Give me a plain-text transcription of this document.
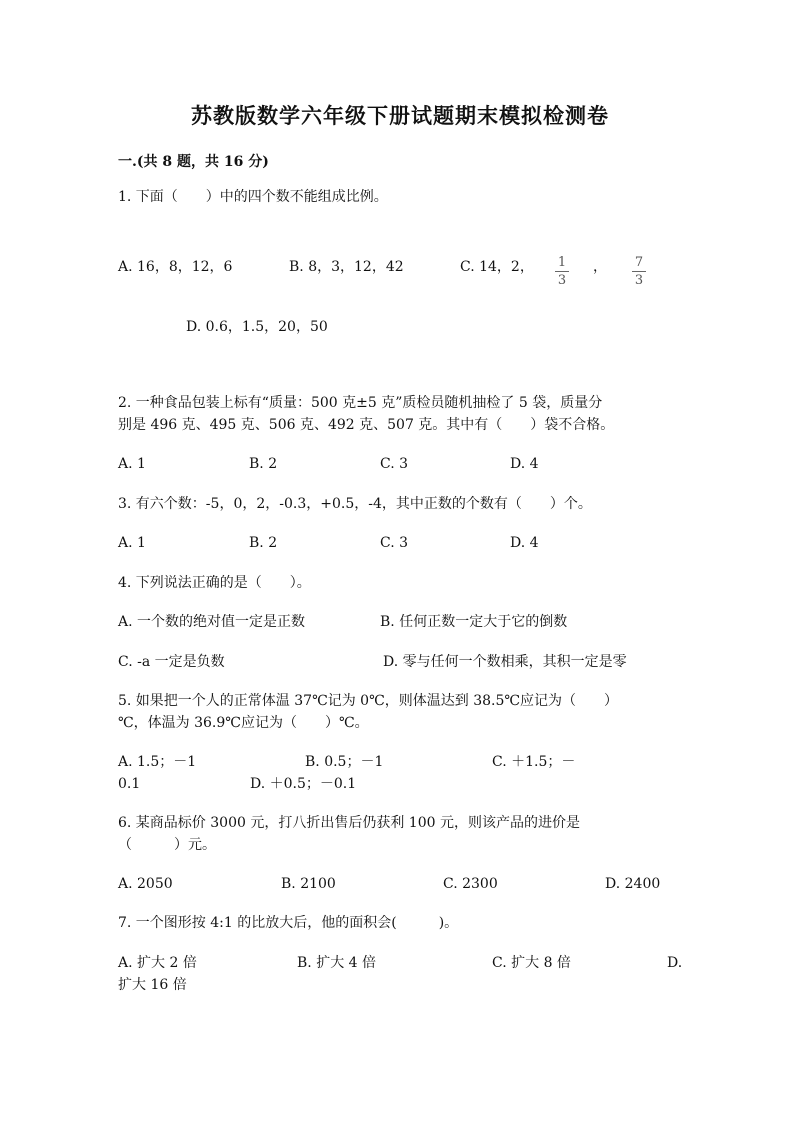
苏教版数学六年级下册试题期末模拟检测卷
一.(共 8 题，共 16 分)
1. 下面（　　）中的四个数不能组成比例。
A. 16，8，12，6	B. 8，3，12，42	C. 14，2， 1
3
， 7
3
D. 0.6，1.5，20，50
2. 一种食品包装上标有“质量：500 克±5 克”质检员随机抽检了 5 袋，质量分
别是 496 克、495 克、506 克、492 克、507 克。其中有（　　）袋不合格。
A. 1	B. 2	C. 3	D. 4
3. 有六个数：-5，0，2，-0.3，+0.5，-4，其中正数的个数有（　　）个。
A. 1	B. 2	C. 3	D. 4
4. 下列说法正确的是（　　）。
A. 一个数的绝对值一定是正数	B. 任何正数一定大于它的倒数
C. -a 一定是负数	D. 零与任何一个数相乘，其积一定是零
5. 如果把一个人的正常体温 37℃记为 0℃，则体温达到 38.5℃应记为（　　）
℃，体温为 36.9℃应记为（　　）℃。
A. 1.5；－1	B. 0.5；－1	C. ＋1.5；－
0.1	D. ＋0.5；－0.1
6. 某商品标价 3000 元，打八折出售后仍获利 100 元，则该产品的进价是
（　　　）元。
A. 2050	B. 2100	C. 2300	D. 2400
7. 一个图形按 4:1 的比放大后，他的面积会(　　　)。
A. 扩大 2 倍	B. 扩大 4 倍	C. 扩大 8 倍	D.
扩大 16 倍
